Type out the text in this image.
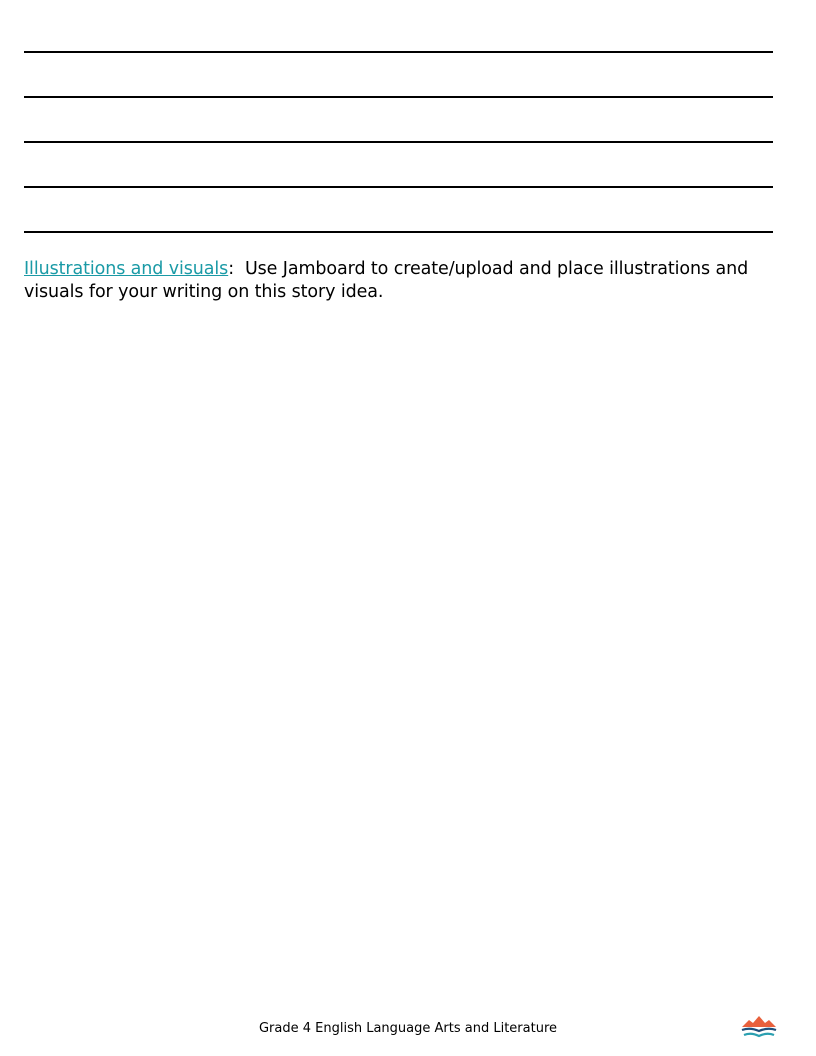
Illustrations and visuals: Use Jamboard to create/upload and place illustrations and visuals for your writing on this story idea.

Grade 4 English Language Arts and Literature
